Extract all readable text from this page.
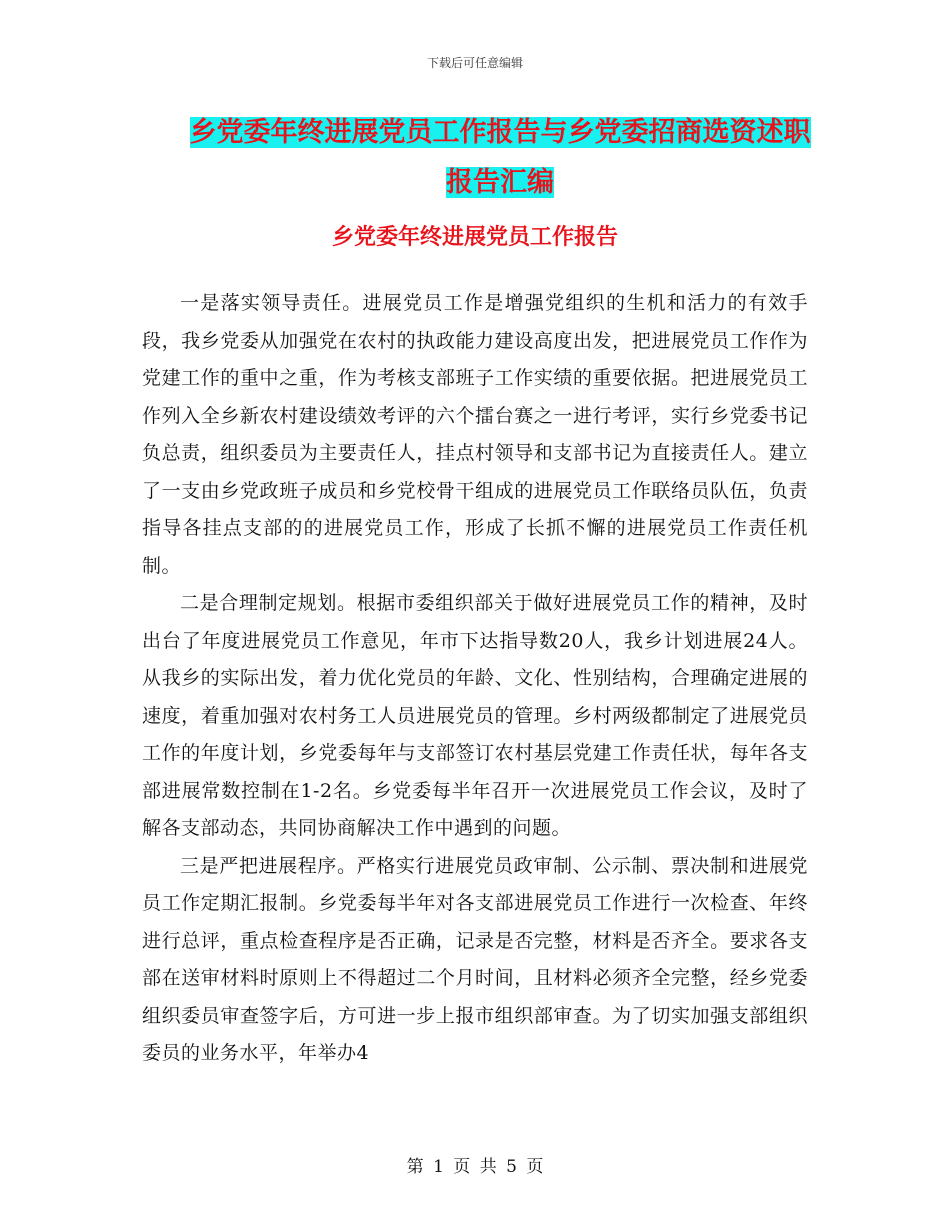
下载后可任意编辑
乡党委年终进展党员工作报告与乡党委招商选资述职
报告汇编
乡党委年终进展党员工作报告

一是落实领导责任。进展党员工作是增强党组织的生机和活力的有效手段，我乡党委从加强党在农村的执政能力建设高度出发，把进展党员工作作为党建工作的重中之重，作为考核支部班子工作实绩的重要依据。把进展党员工作列入全乡新农村建设绩效考评的六个擂台赛之一进行考评，实行乡党委书记负总责，组织委员为主要责任人，挂点村领导和支部书记为直接责任人。建立了一支由乡党政班子成员和乡党校骨干组成的进展党员工作联络员队伍，负责指导各挂点支部的的进展党员工作，形成了长抓不懈的进展党员工作责任机制。

二是合理制定规划。根据市委组织部关于做好进展党员工作的精神，及时出台了年度进展党员工作意见，年市下达指导数20人，我乡计划进展24人。从我乡的实际出发，着力优化党员的年龄、文化、性别结构，合理确定进展的速度，着重加强对农村务工人员进展党员的管理。乡村两级都制定了进展党员工作的年度计划，乡党委每年与支部签订农村基层党建工作责任状，每年各支部进展常数控制在1-2名。乡党委每半年召开一次进展党员工作会议，及时了解各支部动态，共同协商解决工作中遇到的问题。

三是严把进展程序。严格实行进展党员政审制、公示制、票决制和进展党员工作定期汇报制。乡党委每半年对各支部进展党员工作进行一次检查、年终进行总评，重点检查程序是否正确，记录是否完整，材料是否齐全。要求各支部在送审材料时原则上不得超过二个月时间，且材料必须齐全完整，经乡党委组织委员审查签字后，方可进一步上报市组织部审查。为了切实加强支部组织委员的业务水平，年举办4

第 1 页 共 5 页
